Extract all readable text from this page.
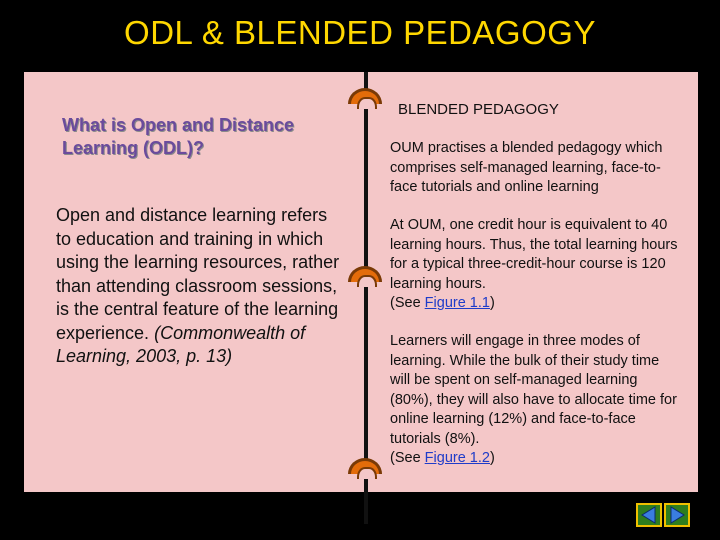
ODL & BLENDED PEDAGOGY
What is Open and Distance Learning (ODL)?
Open and distance learning refers to education and training in which using the learning resources, rather than attending classroom sessions, is the central feature of the learning experience. (Commonwealth of Learning, 2003, p. 13)
BLENDED PEDAGOGY
OUM practises a blended pedagogy which comprises self-managed learning, face-to-face tutorials and online learning
At OUM, one credit hour is equivalent to 40 learning hours. Thus, the total learning hours for a typical three-credit-hour course is 120 learning hours.
(See Figure 1.1)
Learners will engage in three modes of learning. While the bulk of their study time will be spent on self-managed learning (80%), they will also have to allocate time for online learning (12%) and face-to-face tutorials (8%).
(See Figure 1.2)
